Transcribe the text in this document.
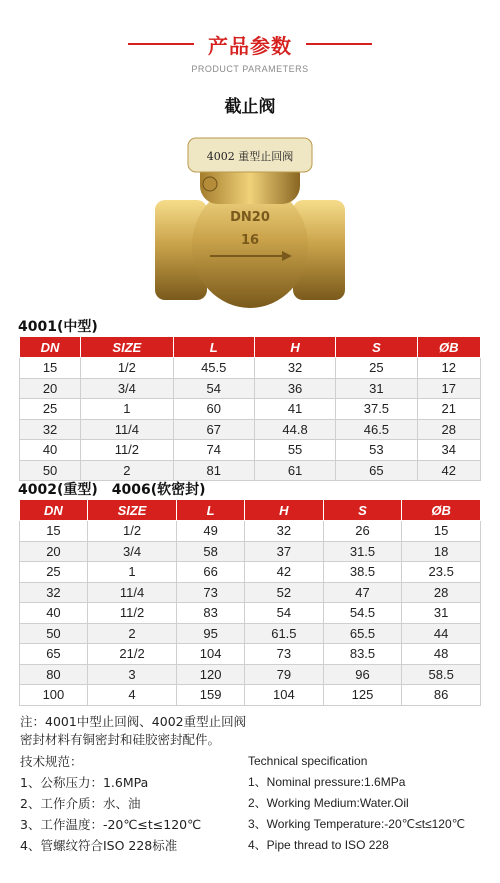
产品参数
PRODUCT PARAMETERS
截止阀
4002 重型止回阀
DN20
16
4001(中型)
DN	SIZE	L	H	S	ØB
15	1/2	45.5	32	25	12
20	3/4	54	36	31	17
25	1	60	41	37.5	21
32	11/4	67	44.8	46.5	28
40	11/2	74	55	53	34
50	2	81	61	65	42
4002(重型)　4006(软密封)
DN	SIZE	L	H	S	ØB
15	1/2	49	32	26	15
20	3/4	58	37	31.5	18
25	1	66	42	38.5	23.5
32	11/4	73	52	47	28
40	11/2	83	54	54.5	31
50	2	95	61.5	65.5	44
65	21/2	104	73	83.5	48
80	3	120	79	96	58.5
100	4	159	104	125	86
注：4001中型止回阀、4002重型止回阀
密封材料有铜密封和硅胶密封配件。
技术规范：
1、公称压力：1.6MPa
2、工作介质：水、油
3、工作温度：-20℃≤t≤120℃
4、管螺纹符合ISO 228标准
Technical specification
1、Nominal pressure:1.6MPa
2、Working Medium:Water.Oil
3、Working Temperature:-20℃≤t≤120℃
4、Pipe thread to ISO 228
